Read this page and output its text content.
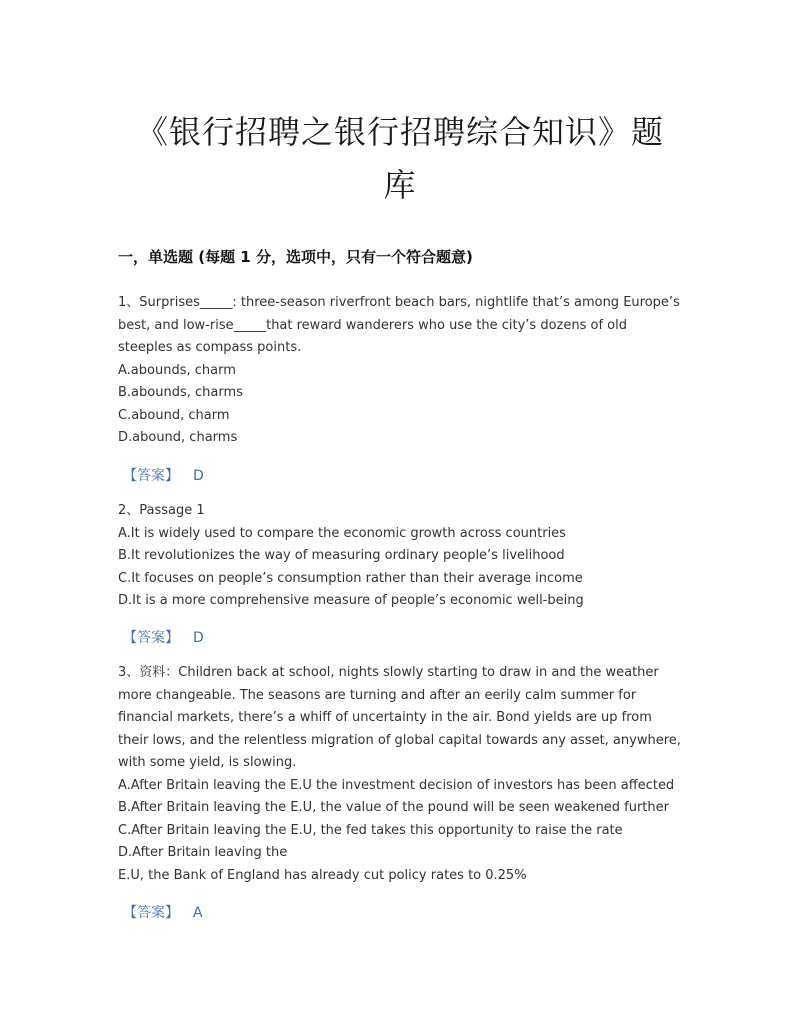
《银行招聘之银行招聘综合知识》题
库
一，单选题 (每题 1 分，选项中，只有一个符合题意)

1、Surprises_____: three-season riverfront beach bars, nightlife that’s among Europe’s best, and low-rise_____that reward wanderers who use the city’s dozens of old steeples as compass points.

A.abounds, charm

B.abounds, charms

C.abound, charm

D.abound, charms

【答案】 D

2、Passage 1

A.It is widely used to compare the economic growth across countries

B.It revolutionizes the way of measuring ordinary people’s livelihood

C.It focuses on people’s consumption rather than their average income

D.It is a more comprehensive measure of people’s economic well-being

【答案】 D

3、资料：Children back at school, nights slowly starting to draw in and the weather more changeable. The seasons are turning and after an eerily calm summer for financial markets, there’s a whiff of uncertainty in the air. Bond yields are up from their lows, and the relentless migration of global capital towards any asset, anywhere, with some yield, is slowing.

A.After Britain leaving the E.U the investment decision of investors has been affected

B.After Britain leaving the E.U, the value of the pound will be seen weakened further

C.After Britain leaving the E.U, the fed takes this opportunity to raise the rate

D.After Britain leaving the

E.U, the Bank of England has already cut policy rates to 0.25%

【答案】 A
